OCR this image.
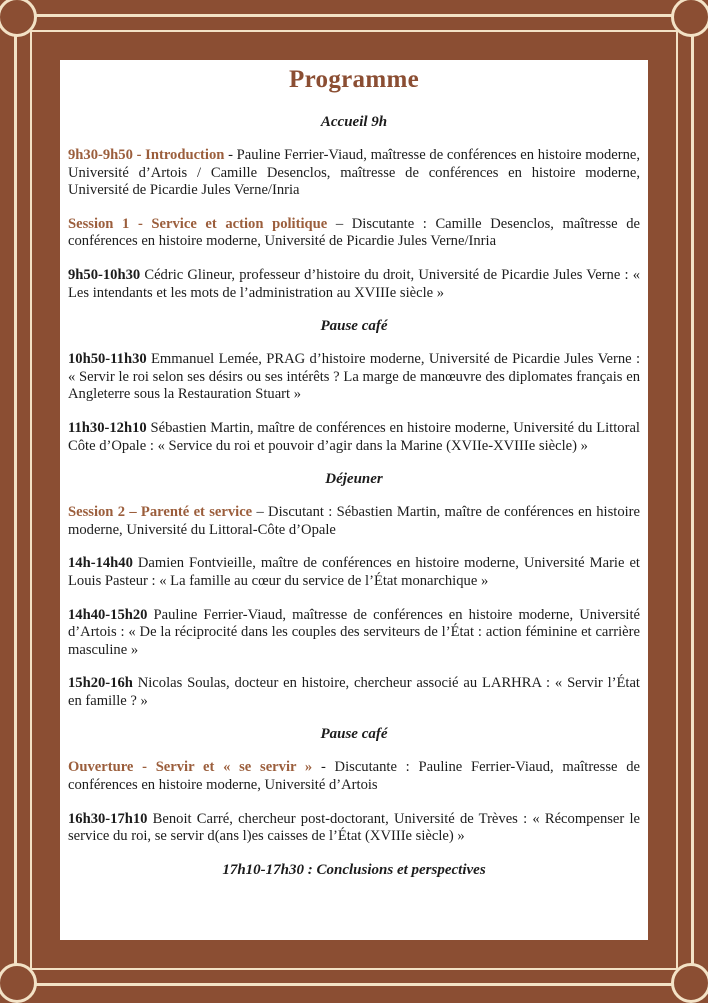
Programme

Accueil 9h

9h30-9h50 - Introduction - Pauline Ferrier-Viaud, maîtresse de conférences en histoire moderne, Université d’Artois / Camille Desenclos, maîtresse de conférences en histoire moderne, Université de Picardie Jules Verne/Inria

Session 1 - Service et action politique – Discutante : Camille Desenclos, maîtresse de conférences en histoire moderne, Université de Picardie Jules Verne/Inria

9h50-10h30 Cédric Glineur, professeur d’histoire du droit, Université de Picardie Jules Verne : « Les intendants et les mots de l’administration au XVIIIe siècle »

Pause café

10h50-11h30 Emmanuel Lemée, PRAG d’histoire moderne, Université de Picardie Jules Verne : « Servir le roi selon ses désirs ou ses intérêts ? La marge de manœuvre des diplomates français en Angleterre sous la Restauration Stuart »

11h30-12h10 Sébastien Martin, maître de conférences en histoire moderne, Université du Littoral Côte d’Opale : « Service du roi et pouvoir d’agir dans la Marine (XVIIe-XVIIIe siècle) »

Déjeuner

Session 2 – Parenté et service – Discutant : Sébastien Martin, maître de conférences en histoire moderne, Université du Littoral-Côte d’Opale

14h-14h40 Damien Fontvieille, maître de conférences en histoire moderne, Université Marie et Louis Pasteur : « La famille au cœur du service de l’État monarchique »

14h40-15h20 Pauline Ferrier-Viaud, maîtresse de conférences en histoire moderne, Université d’Artois : « De la réciprocité dans les couples des serviteurs de l’État : action féminine et carrière masculine »

15h20-16h Nicolas Soulas, docteur en histoire, chercheur associé au LARHRA : « Servir l’État en famille ? »

Pause café

Ouverture - Servir et « se servir » - Discutante : Pauline Ferrier-Viaud, maîtresse de conférences en histoire moderne, Université d’Artois

16h30-17h10 Benoit Carré, chercheur post-doctorant, Université de Trèves : « Récompenser le service du roi, se servir d(ans l)es caisses de l’État (XVIIIe siècle) »

17h10-17h30 : Conclusions et perspectives
